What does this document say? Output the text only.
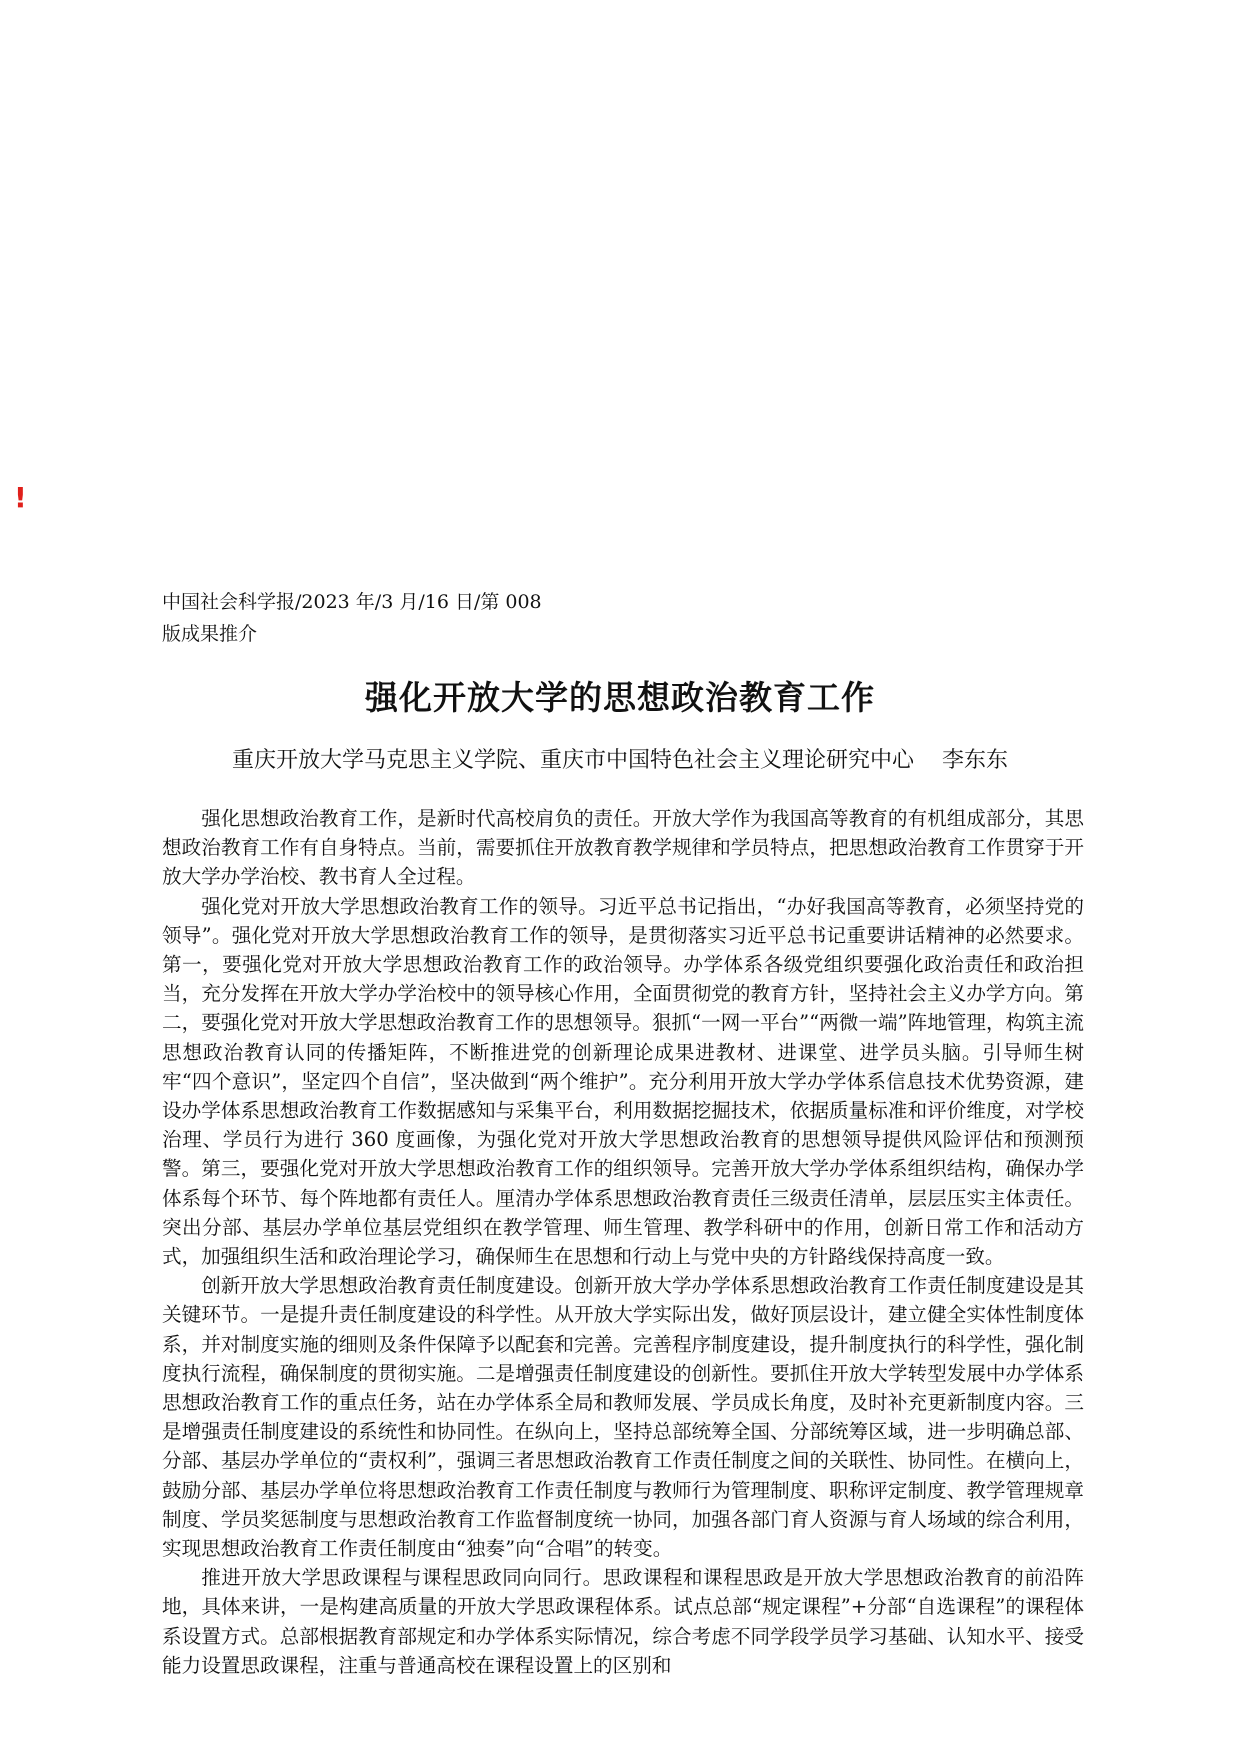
!
中国社会科学报/2023 年/3 月/16 日/第 008
版成果推介
强化开放大学的思想政治教育工作
重庆开放大学马克思主义学院、重庆市中国特色社会主义理论研究中心 李东东

强化思想政治教育工作，是新时代高校肩负的责任。开放大学作为我国高等教育的有机组成部分，其思想政治教育工作有自身特点。当前，需要抓住开放教育教学规律和学员特点，把思想政治教育工作贯穿于开放大学办学治校、教书育人全过程。

强化党对开放大学思想政治教育工作的领导。习近平总书记指出，“办好我国高等教育，必须坚持党的领导”。强化党对开放大学思想政治教育工作的领导，是贯彻落实习近平总书记重要讲话精神的必然要求。第一，要强化党对开放大学思想政治教育工作的政治领导。办学体系各级党组织要强化政治责任和政治担当，充分发挥在开放大学办学治校中的领导核心作用，全面贯彻党的教育方针，坚持社会主义办学方向。第二，要强化党对开放大学思想政治教育工作的思想领导。狠抓“一网一平台”“两微一端”阵地管理，构筑主流思想政治教育认同的传播矩阵，不断推进党的创新理论成果进教材、进课堂、进学员头脑。引导师生树牢“四个意识”，坚定四个自信”，坚决做到“两个维护”。充分利用开放大学办学体系信息技术优势资源，建设办学体系思想政治教育工作数据感知与采集平台，利用数据挖掘技术，依据质量标准和评价维度，对学校治理、学员行为进行 360 度画像，为强化党对开放大学思想政治教育的思想领导提供风险评估和预测预警。第三，要强化党对开放大学思想政治教育工作的组织领导。完善开放大学办学体系组织结构，确保办学体系每个环节、每个阵地都有责任人。厘清办学体系思想政治教育责任三级责任清单，层层压实主体责任。突出分部、基层办学单位基层党组织在教学管理、师生管理、教学科研中的作用，创新日常工作和活动方式，加强组织生活和政治理论学习，确保师生在思想和行动上与党中央的方针路线保持高度一致。

创新开放大学思想政治教育责任制度建设。创新开放大学办学体系思想政治教育工作责任制度建设是其关键环节。一是提升责任制度建设的科学性。从开放大学实际出发，做好顶层设计，建立健全实体性制度体系，并对制度实施的细则及条件保障予以配套和完善。完善程序制度建设，提升制度执行的科学性，强化制度执行流程，确保制度的贯彻实施。二是增强责任制度建设的创新性。要抓住开放大学转型发展中办学体系思想政治教育工作的重点任务，站在办学体系全局和教师发展、学员成长角度，及时补充更新制度内容。三是增强责任制度建设的系统性和协同性。在纵向上，坚持总部统筹全国、分部统筹区域，进一步明确总部、分部、基层办学单位的“责权利”，强调三者思想政治教育工作责任制度之间的关联性、协同性。在横向上，鼓励分部、基层办学单位将思想政治教育工作责任制度与教师行为管理制度、职称评定制度、教学管理规章制度、学员奖惩制度与思想政治教育工作监督制度统一协同，加强各部门育人资源与育人场域的综合利用，实现思想政治教育工作责任制度由“独奏”向“合唱”的转变。

推进开放大学思政课程与课程思政同向同行。思政课程和课程思政是开放大学思想政治教育的前沿阵地，具体来讲，一是构建高质量的开放大学思政课程体系。试点总部“规定课程”+分部“自选课程”的课程体系设置方式。总部根据教育部规定和办学体系实际情况，综合考虑不同学段学员学习基础、认知水平、接受能力设置思政课程，注重与普通高校在课程设置上的区别和
